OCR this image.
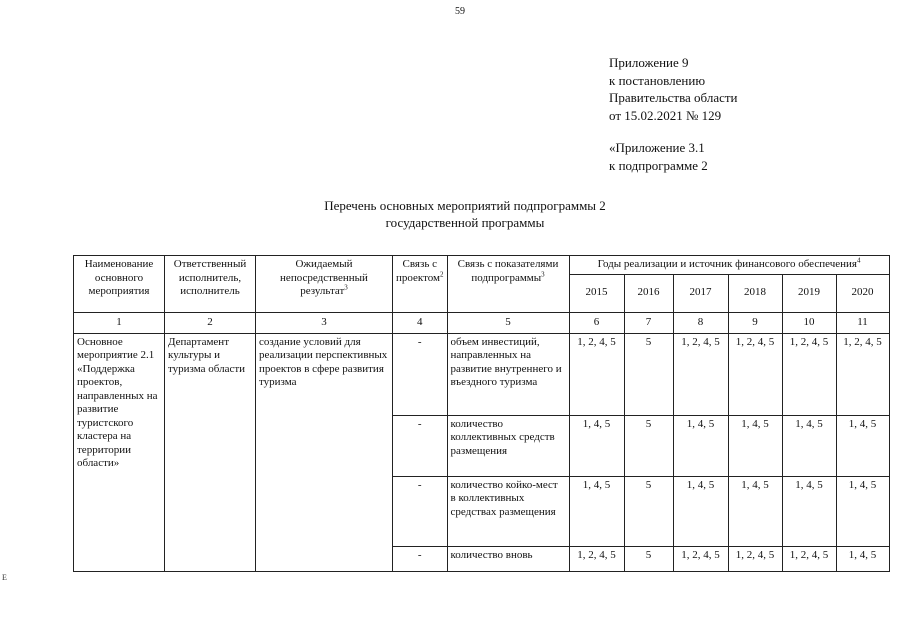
59
Приложение 9
к постановлению
Правительства области
от 15.02.2021 № 129
«Приложение 3.1
к подпрограмме 2
Перечень основных мероприятий подпрограммы 2
государственной программы
Е
Наименование основного мероприятия	Ответственный исполнитель, исполнитель	Ожидаемый непосредственный результат$^3$	Связь с проектом$^2$	Связь с показателями подпрограммы$^3$	Годы реализации и источник финансового обеспечения$^4$
					2015	2016	2017	2018	2019	2020
1	2	3	4	5	6	7	8	9	10	11
Основное мероприятие 2.1 «Поддержка проектов, направленных на развитие туристского кластера на территории области»	Департамент культуры и туризма области	создание условий для реализации перспективных проектов в сфере развития туризма	-	объем инвестиций, направленных на развитие внутреннего и въездного туризма	1, 2, 4, 5	5	1, 2, 4, 5	1, 2, 4, 5	1, 2, 4, 5	1, 2, 4, 5
			-	количество коллективных средств размещения	1, 4, 5	5	1, 4, 5	1, 4, 5	1, 4, 5	1, 4, 5
			-	количество койко-мест в коллективных средствах размещения	1, 4, 5	5	1, 4, 5	1, 4, 5	1, 4, 5	1, 4, 5
			-	количество вновь	1, 2, 4, 5	5	1, 2, 4, 5	1, 2, 4, 5	1, 2, 4, 5	1, 4, 5
